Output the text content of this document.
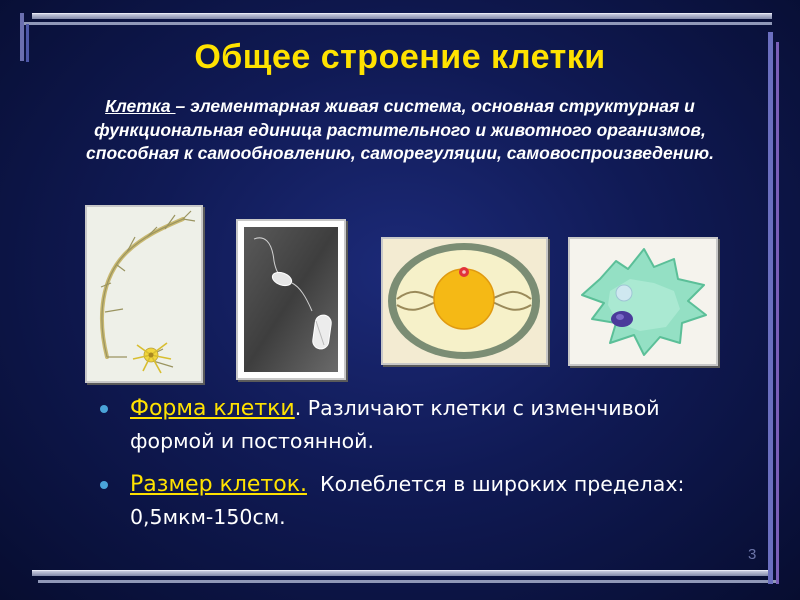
Общее строение клетки
Клетка – элементарная живая система, основная структурная и функциональная единица растительного и животного организмов, способная к самообновлению, саморегуляции, самовоспроизведению.
Форма клетки. Различают клетки с изменчивой формой и постоянной.
Размер клеток. Колеблется в широких пределах: 0,5мкм-150см.
3
